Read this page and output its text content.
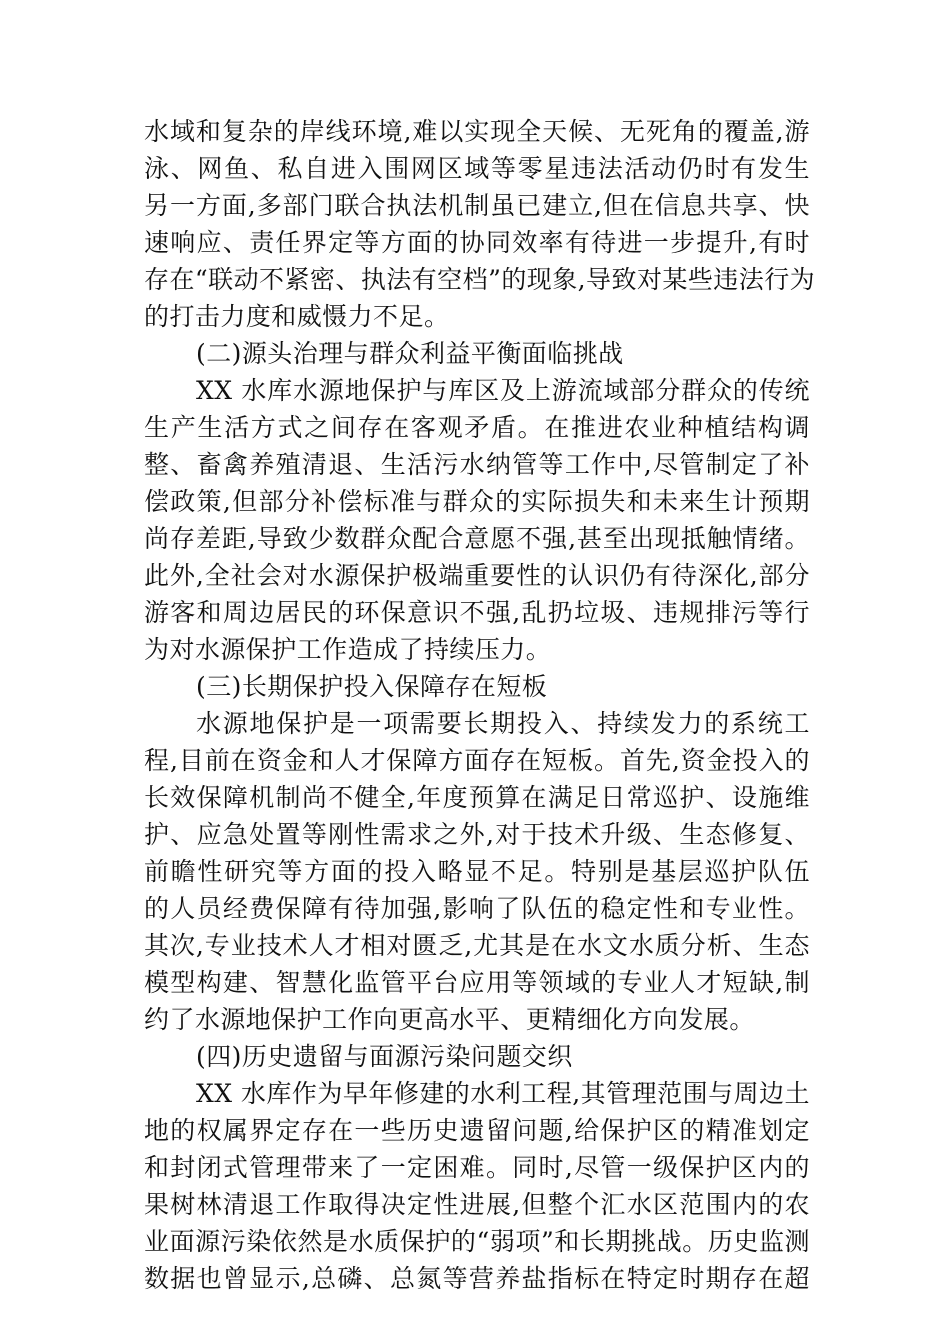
水域和复杂的岸线环境,难以实现全天候、无死角的覆盖,游
泳、网鱼、私自进入围网区域等零星违法活动仍时有发生
另一方面,多部门联合执法机制虽已建立,但在信息共享、快
速响应、责任界定等方面的协同效率有待进一步提升,有时
存在“联动不紧密、执法有空档”的现象,导致对某些违法行为
的打击力度和威慑力不足。
(二)源头治理与群众利益平衡面临挑战
XX 水库水源地保护与库区及上游流域部分群众的传统
生产生活方式之间存在客观矛盾。在推进农业种植结构调
整、畜禽养殖清退、生活污水纳管等工作中,尽管制定了补
偿政策,但部分补偿标准与群众的实际损失和未来生计预期
尚存差距,导致少数群众配合意愿不强,甚至出现抵触情绪。
此外,全社会对水源保护极端重要性的认识仍有待深化,部分
游客和周边居民的环保意识不强,乱扔垃圾、违规排污等行
为对水源保护工作造成了持续压力。
(三)长期保护投入保障存在短板
水源地保护是一项需要长期投入、持续发力的系统工
程,目前在资金和人才保障方面存在短板。首先,资金投入的
长效保障机制尚不健全,年度预算在满足日常巡护、设施维
护、应急处置等刚性需求之外,对于技术升级、生态修复、
前瞻性研究等方面的投入略显不足。特别是基层巡护队伍
的人员经费保障有待加强,影响了队伍的稳定性和专业性。
其次,专业技术人才相对匮乏,尤其是在水文水质分析、生态
模型构建、智慧化监管平台应用等领域的专业人才短缺,制
约了水源地保护工作向更高水平、更精细化方向发展。
(四)历史遗留与面源污染问题交织
XX 水库作为早年修建的水利工程,其管理范围与周边土
地的权属界定存在一些历史遗留问题,给保护区的精准划定
和封闭式管理带来了一定困难。同时,尽管一级保护区内的
果树林清退工作取得决定性进展,但整个汇水区范围内的农
业面源污染依然是水质保护的“弱项”和长期挑战。历史监测
数据也曾显示,总磷、总氮等营养盐指标在特定时期存在超
